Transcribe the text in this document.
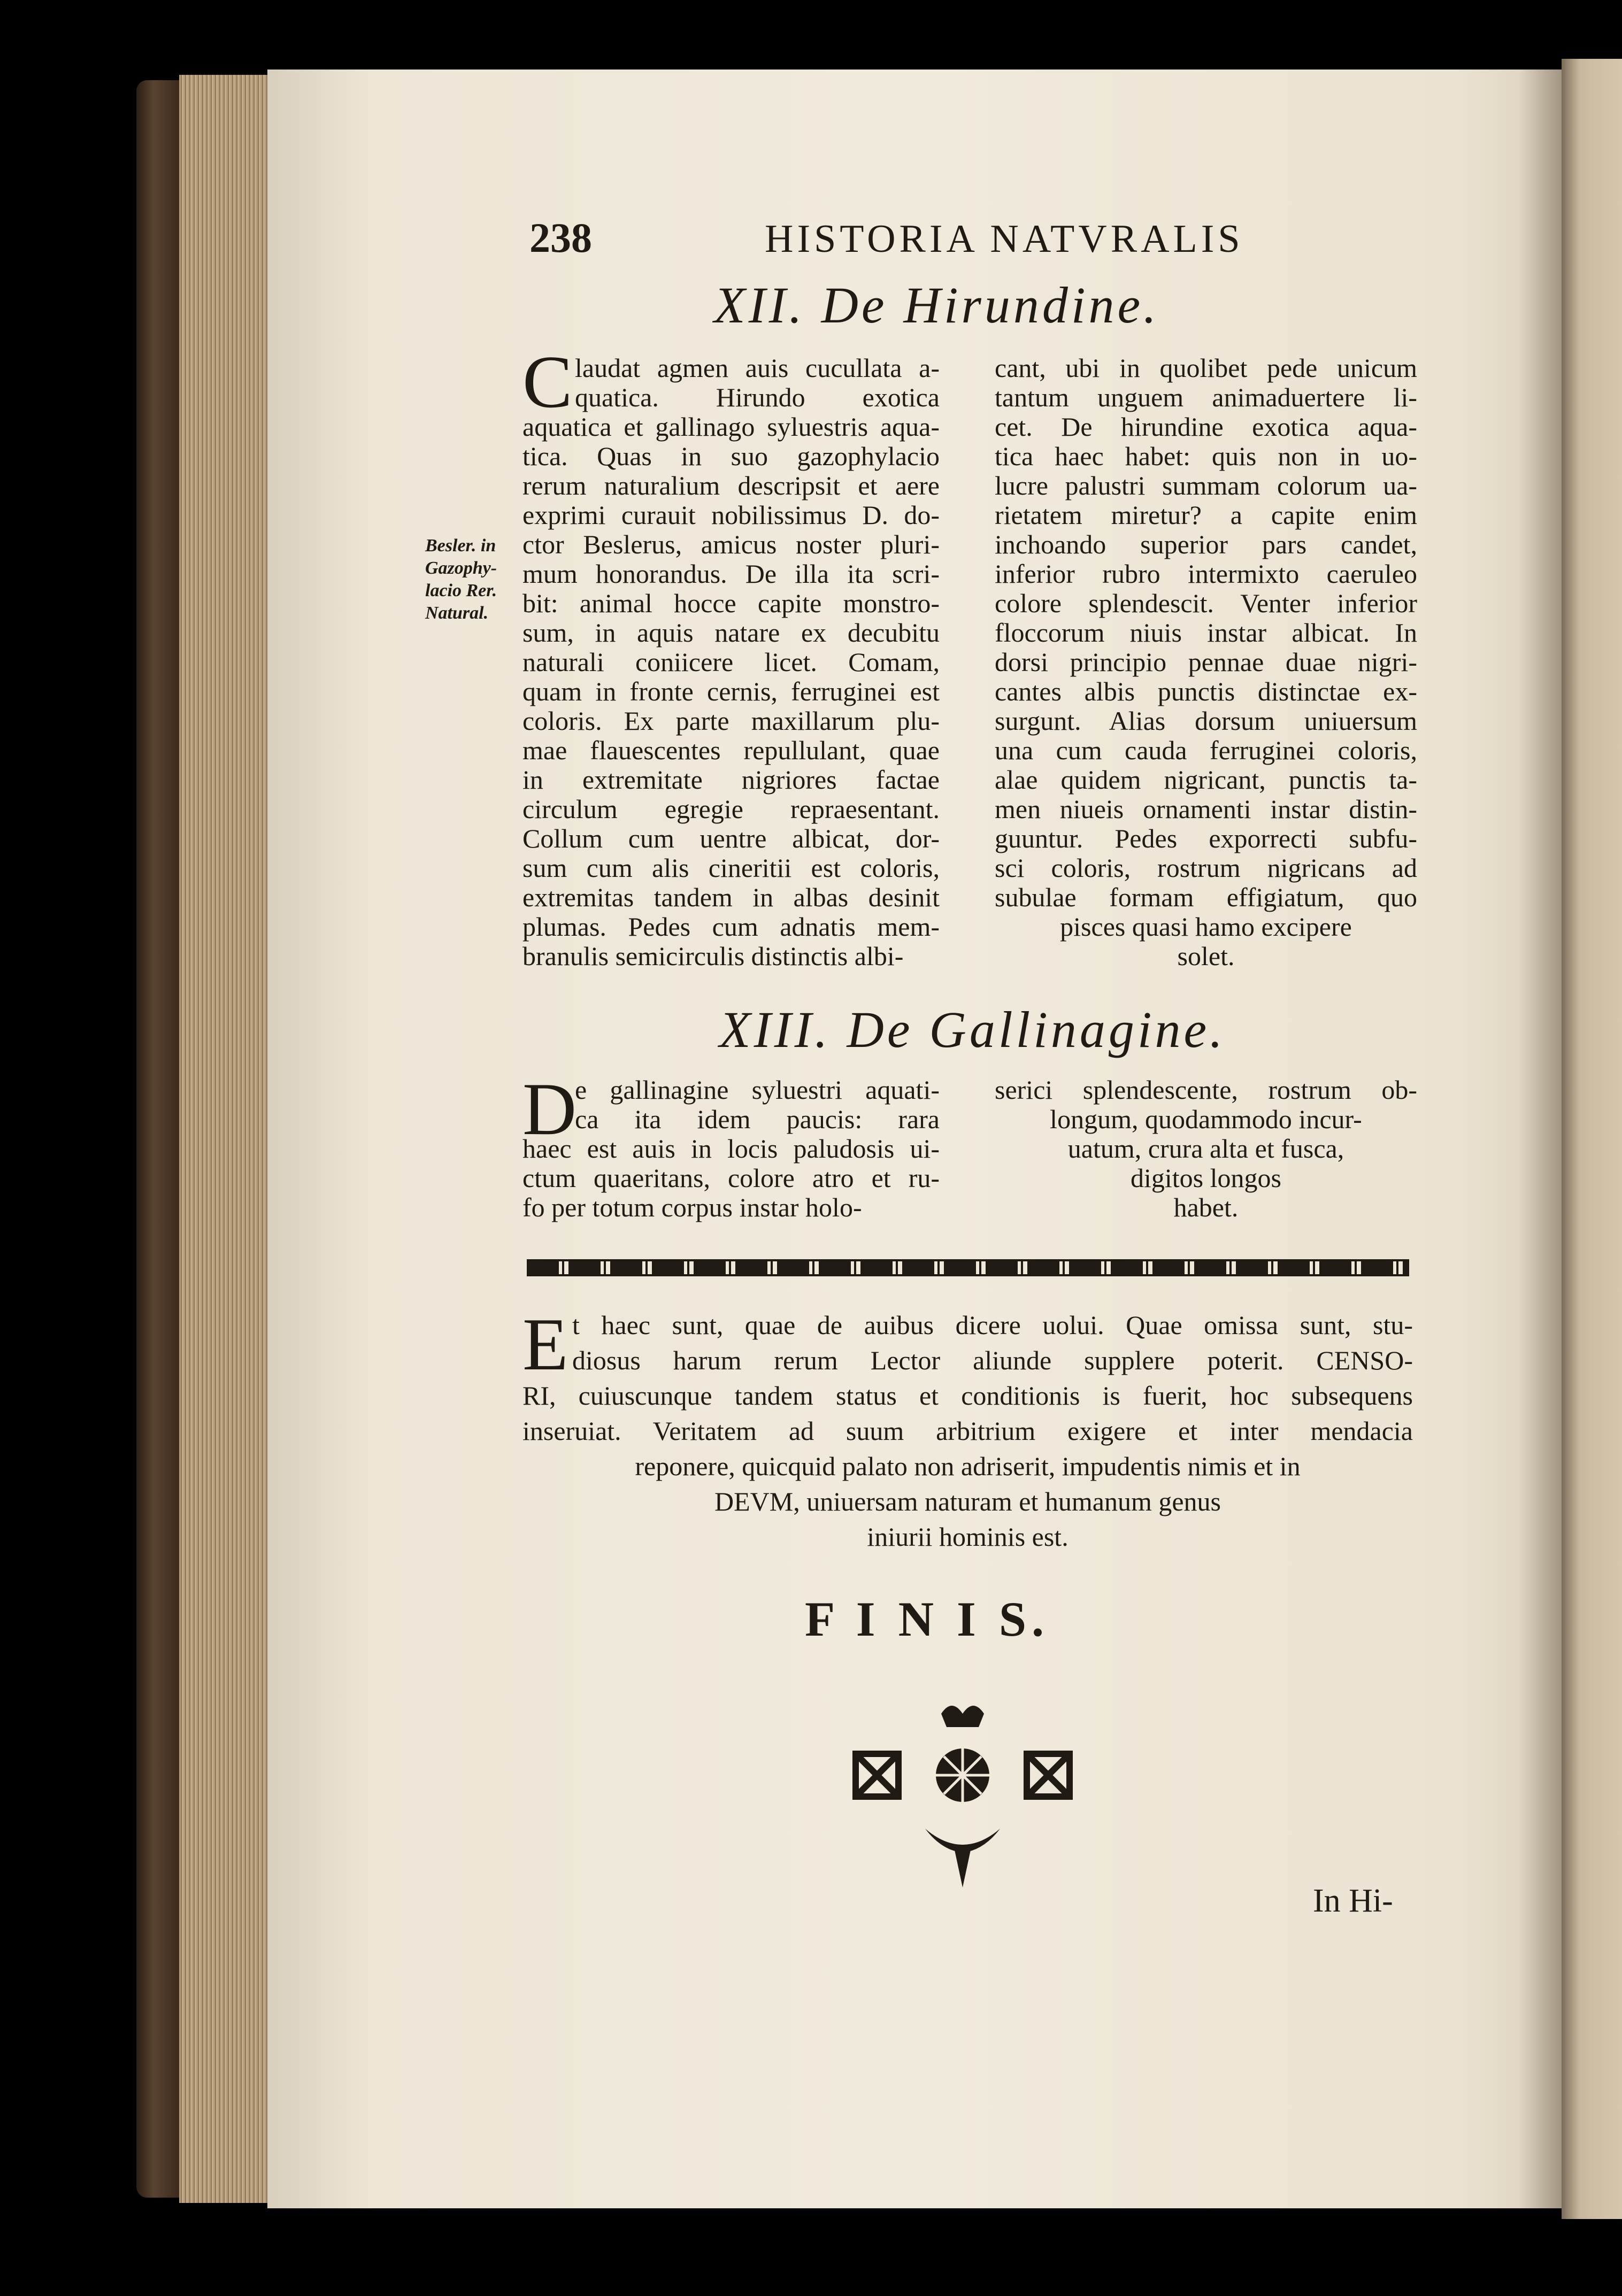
238	HISTORIA NATVRALIS
XII. De Hirundine.
C laudat agmen auis cucullata a-
quatica. Hirundo exotica
aquatica et gallinago syluestris aqua-
tica. Quas in suo gazophylacio
rerum naturalium descripsit et aere
exprimi curauit nobilissimus D. do-
ctor Beslerus, amicus noster pluri-
mum honorandus. De illa ita scri-
bit: animal hocce capite monstro-
sum, in aquis natare ex decubitu
naturali coniicere licet. Comam,
quam in fronte cernis, ferruginei est
coloris. Ex parte maxillarum plu-
mae flauescentes repullulant, quae
in extremitate nigriores factae
circulum egregie repraesentant.
Collum cum uentre albicat, dor-
sum cum alis cineritii est coloris,
extremitas tandem in albas desinit
plumas. Pedes cum adnatis mem-
branulis semicirculis distinctis albi-
cant, ubi in quolibet pede unicum
tantum unguem animaduertere li-
cet. De hirundine exotica aqua-
tica haec habet: quis non in uo-
lucre palustri summam colorum ua-
rietatem miretur? a capite enim
inchoando superior pars candet,
inferior rubro intermixto caeruleo
colore splendescit. Venter inferior
floccorum niuis instar albicat. In
dorsi principio pennae duae nigri-
cantes albis punctis distinctae ex-
surgunt. Alias dorsum uniuersum
una cum cauda ferruginei coloris,
alae quidem nigricant, punctis ta-
men niueis ornamenti instar distin-
guuntur. Pedes exporrecti subfu-
sci coloris, rostrum nigricans ad
subulae formam effigiatum, quo
pisces quasi hamo excipere
solet.
Besler. in
Gazophy-
lacio Rer.
Natural.
XIII. De Gallinagine.
D
e gallinagine syluestri aquati-
ca ita idem paucis: rara
haec est auis in locis paludosis ui-
ctum quaeritans, colore atro et ru-
fo per totum corpus instar holo-
serici splendescente, rostrum ob-
longum, quodammodo incur-
uatum, crura alta et fusca,
digitos longos
habet.
E t haec sunt, quae de auibus dicere uolui. Quae omissa sunt, stu-
diosus harum rerum Lector aliunde supplere poterit. CENSO-
RI, cuiuscunque tandem status et conditionis is fuerit, hoc subsequens
inseruiat. Veritatem ad suum arbitrium exigere et inter mendacia
reponere, quicquid palato non adriserit, impudentis nimis et in
DEVM, uniuersam naturam et humanum genus
iniurii hominis est.
F I N I S.
In Hi-
